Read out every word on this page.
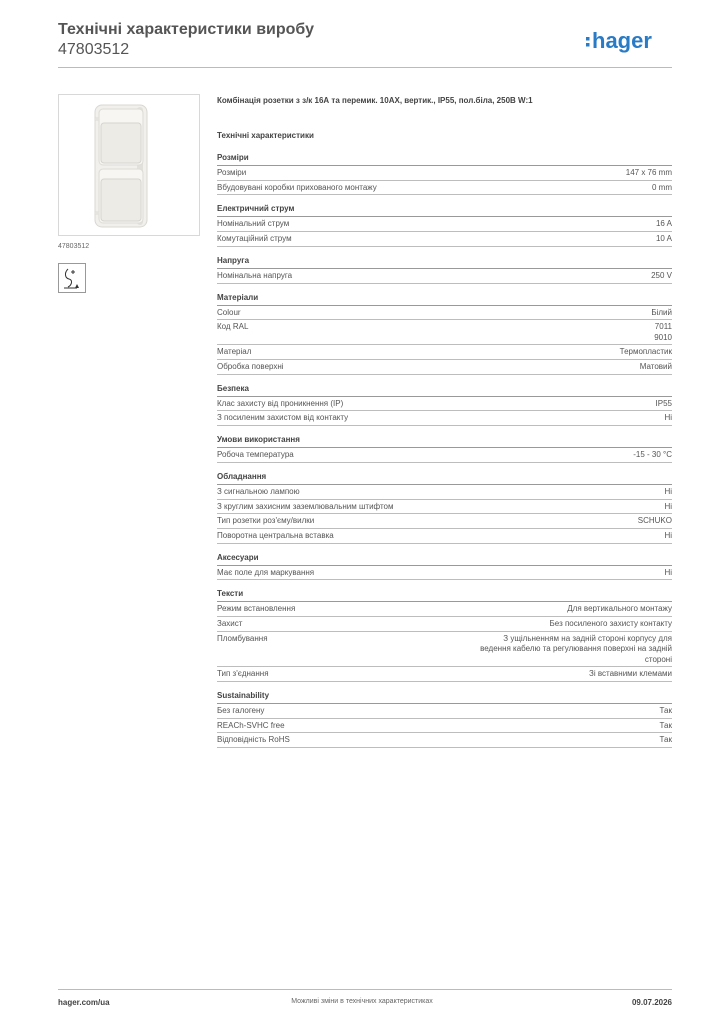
Технічні характеристики виробу
47803512	hager
47803512
Комбінація розетки з з/к 16А та перемик. 10AX, вертик., IP55, пол.біла, 250В W:1
Технічні характеристики
Розміри
Розміри	147 x 76 mm
Вбудовувані коробки прихованого монтажу	0 mm
Електричний струм
Номінальний струм	16 A
Комутаційний струм	10 A
Напруга
Номінальна напруга	250 V
Матеріали
Colour	Білий
Код RAL	7011
9010
Матеріал	Термопластик
Обробка поверхні	Матовий
Безпека
Клас захисту від проникнення (IP)	IP55
З посиленим захистом від контакту	Ні
Умови використання
Робоча температура	-15 - 30 °C
Обладнання
З сигнальною лампою	Ні
З круглим захисним заземлювальним штифтом	Ні
Тип розетки роз'єму/вилки	SCHUKO
Поворотна центральна вставка	Ні
Аксесуари
Має поле для маркування	Ні
Тексти
Режим встановлення	Для вертикального монтажу
Захист	Без посиленого захисту контакту
Пломбування	З ущільненням на задній стороні корпусу для
ведення кабелю та регулювання поверхні на задній
стороні
Тип з'єднання	Зі вставними клемами
Sustainability
Без галогену	Так
REACh-SVHC free	Так
Відповідність RoHS	Так
hager.com/ua	Можливі зміни в технічних характеристиках	09.07.2026
